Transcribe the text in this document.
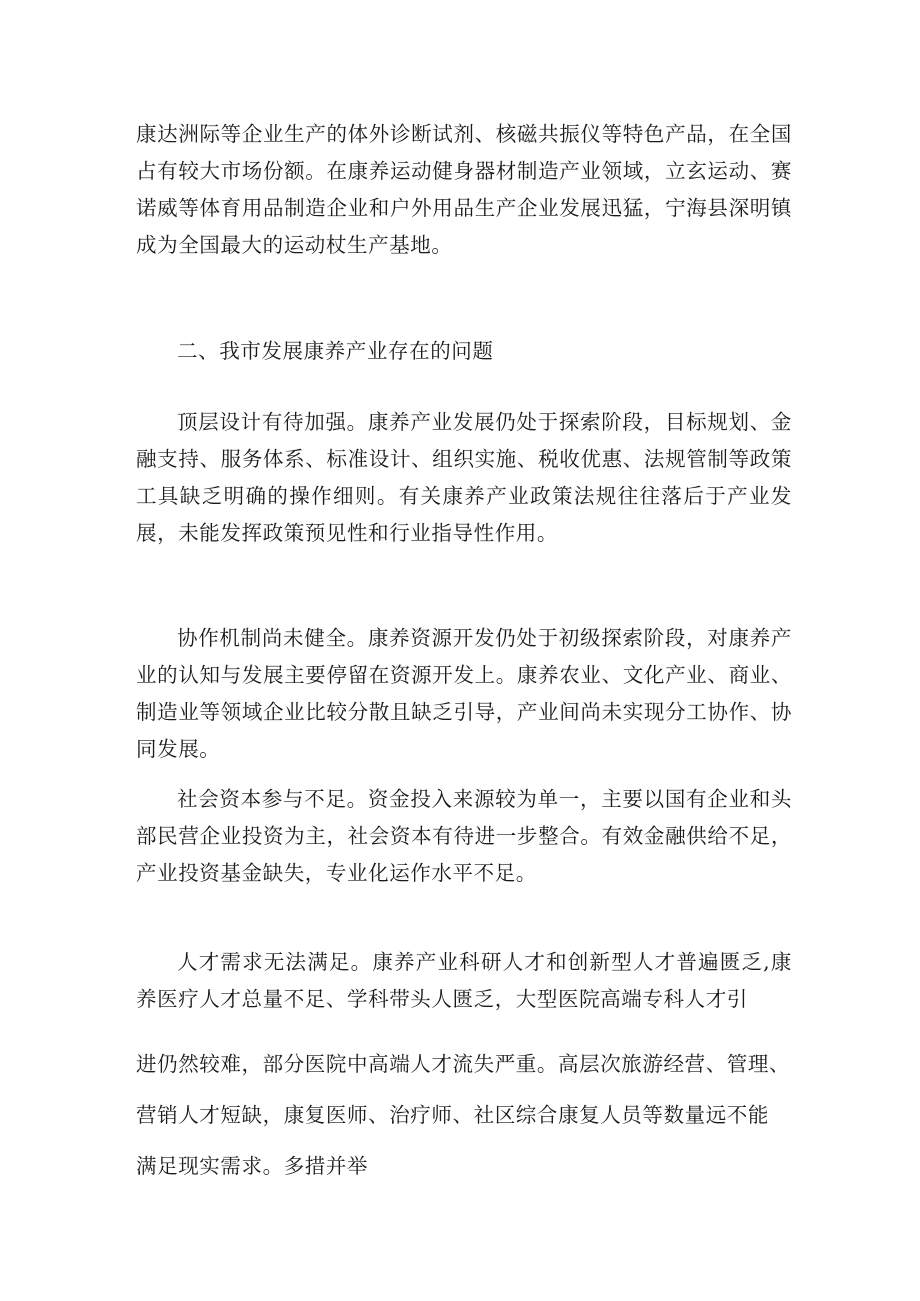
康达洲际等企业生产的体外诊断试剂、核磁共振仪等特色产品，在全国占有较大市场份额。在康养运动健身器材制造产业领域，立玄运动、赛诺威等体育用品制造企业和户外用品生产企业发展迅猛，宁海县深明镇成为全国最大的运动杖生产基地。

二、我市发展康养产业存在的问题

顶层设计有待加强。康养产业发展仍处于探索阶段，目标规划、金融支持、服务体系、标准设计、组织实施、税收优惠、法规管制等政策工具缺乏明确的操作细则。有关康养产业政策法规往往落后于产业发展，未能发挥政策预见性和行业指导性作用。

协作机制尚未健全。康养资源开发仍处于初级探索阶段，对康养产业的认知与发展主要停留在资源开发上。康养农业、文化产业、商业、制造业等领域企业比较分散且缺乏引导，产业间尚未实现分工协作、协同发展。

社会资本参与不足。资金投入来源较为单一，主要以国有企业和头部民营企业投资为主，社会资本有待进一步整合。有效金融供给不足，产业投资基金缺失，专业化运作水平不足。

人才需求无法满足。康养产业科研人才和创新型人才普遍匮乏,康养医疗人才总量不足、学科带头人匮乏，大型医院高端专科人才引

进仍然较难，部分医院中高端人才流失严重。高层次旅游经营、管理、

营销人才短缺，康复医师、治疗师、社区综合康复人员等数量远不能

满足现实需求。多措并举
